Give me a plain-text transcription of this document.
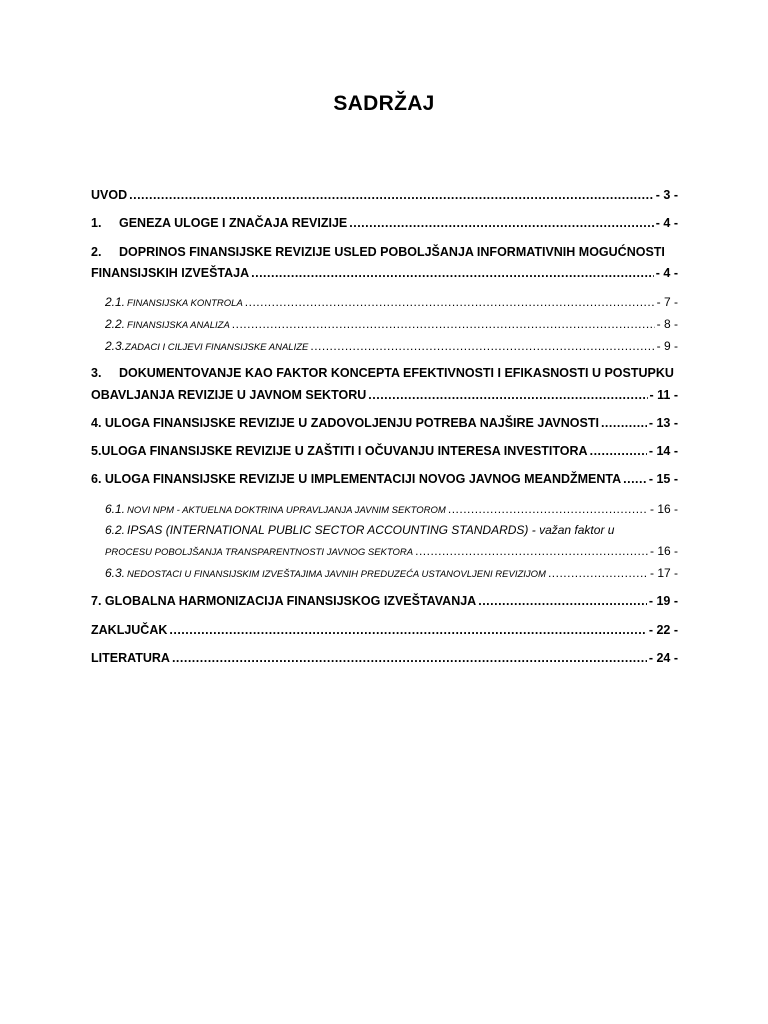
SADRŽAJ
UVOD .....	- 3 -
1. GENEZA ULOGE I ZNAČAJA REVIZIJE .....	- 4 -
2. DOPRINOS FINANSIJSKE REVIZIJE USLED POBOLJŠANJA INFORMATIVNIH MOGUĆNOSTI
FINANSIJSKIH IZVEŠTAJA .....	- 4 -
2.1. FINANSIJSKA KONTROLA .....	- 7 -
2.2. FINANSIJSKA ANALIZA .....	- 8 -
2.3.ZADACI I CILJEVI FINANSIJSKE ANALIZE .....	- 9 -
3. DOKUMENTOVANJE KAO FAKTOR KONCEPTA EFEKTIVNOSTI I EFIKASNOSTI U POSTUPKU
OBAVLJANJA REVIZIJE U JAVNOM SEKTORU .....	- 11 -
4. ULOGA FINANSIJSKE REVIZIJE U ZADOVOLJENJU POTREBA NAJŠIRE JAVNOSTI .....	- 13 -
5.ULOGA FINANSIJSKE REVIZIJE U ZAŠTITI I OČUVANJU INTERESA INVESTITORA .....	- 14 -
6. ULOGA FINANSIJSKE REVIZIJE U IMPLEMENTACIJI NOVOG JAVNOG MEANDŽMENTA ..... - 15 -
6.1. NOVI NPM - AKTUELNA DOKTRINA UPRAVLJANJA JAVNIM SEKTOROM .....	- 16 -
6.2. IPSAS (INTERNATIONAL PUBLIC SECTOR ACCOUNTING STANDARDS) - važan faktor u
PROCESU POBOLJŠANJA TRANSPARENTNOSTI JAVNOG SEKTORA .....	- 16 -
6.3. NEDOSTACI U FINANSIJSKIM IZVEŠTAJIMA JAVNIH PREDUZEĆA USTANOVLJENI REVIZIJOM .....	- 17 -
7. GLOBALNA HARMONIZACIJA FINANSIJSKOG IZVEŠTAVANJA .....	- 19 -
ZAKLJUČAK .....	- 22 -
LITERATURA .....	- 24 -
